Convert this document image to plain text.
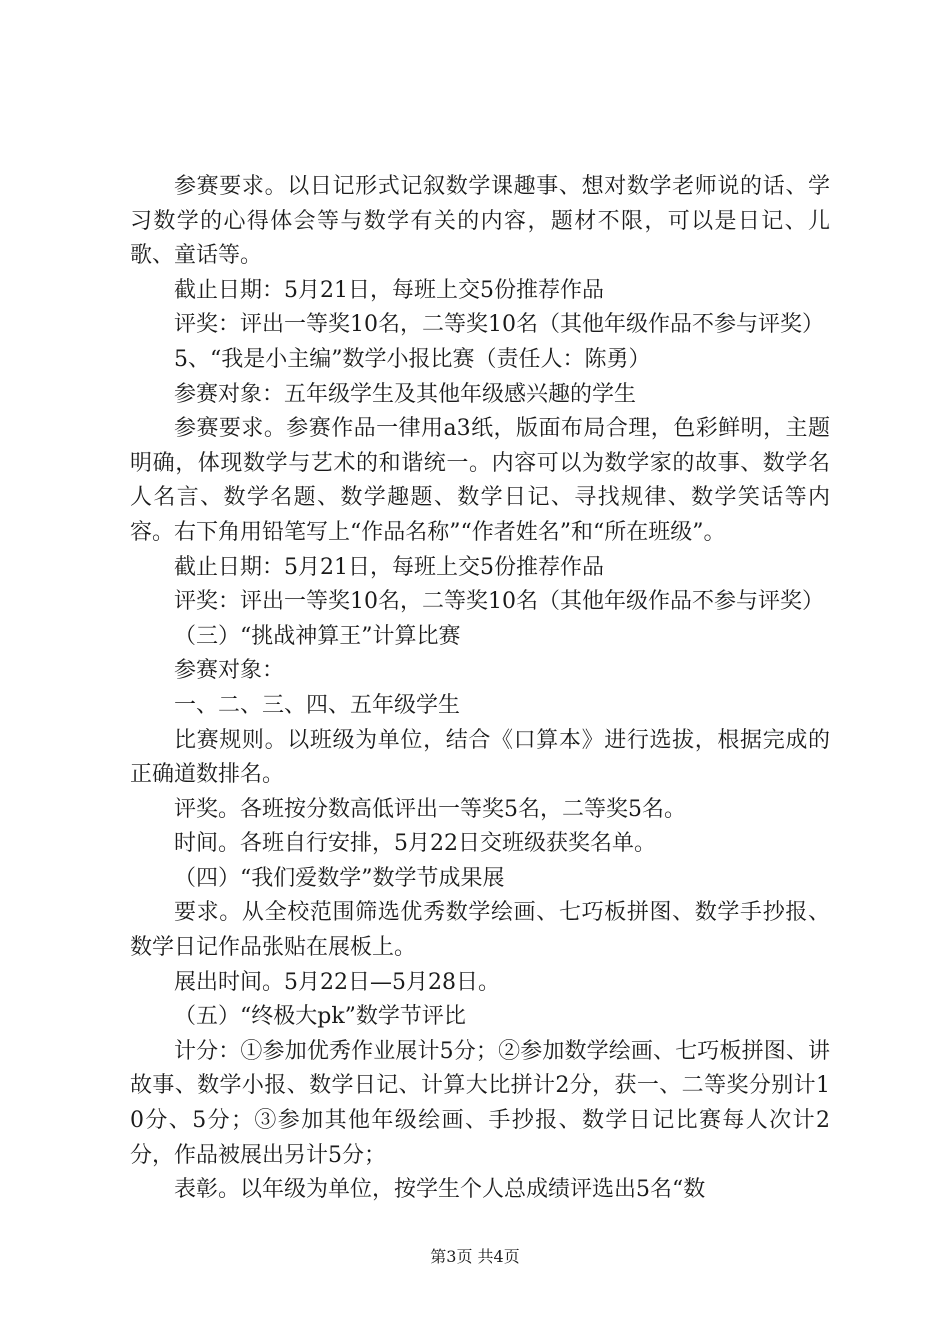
参赛要求。以日记形式记叙数学课趣事、想对数学老师说的话、学习数学的心得体会等与数学有关的内容，题材不限，可以是日记、儿歌、童话等。

截止日期：5月21日，每班上交5份推荐作品

评奖：评出一等奖10名，二等奖10名（其他年级作品不参与评奖）

5、“我是小主编”数学小报比赛（责任人：陈勇）

参赛对象：五年级学生及其他年级感兴趣的学生

参赛要求。参赛作品一律用a3纸，版面布局合理，色彩鲜明，主题明确，体现数学与艺术的和谐统一。内容可以为数学家的故事、数学名人名言、数学名题、数学趣题、数学日记、寻找规律、数学笑话等内容。右下角用铅笔写上“作品名称”“作者姓名”和“所在班级”。

截止日期：5月21日，每班上交5份推荐作品

评奖：评出一等奖10名，二等奖10名（其他年级作品不参与评奖）

（三）“挑战神算王”计算比赛

参赛对象：

一、二、三、四、五年级学生

比赛规则。以班级为单位，结合《口算本》进行选拔，根据完成的正确道数排名。

评奖。各班按分数高低评出一等奖5名，二等奖5名。

时间。各班自行安排，5月22日交班级获奖名单。

（四）“我们爱数学”数学节成果展

要求。从全校范围筛选优秀数学绘画、七巧板拼图、数学手抄报、数学日记作品张贴在展板上。

展出时间。5月22日—5月28日。

（五）“终极大pk”数学节评比

计分：①参加优秀作业展计5分；②参加数学绘画、七巧板拼图、讲故事、数学小报、数学日记、计算大比拼计2分，获一、二等奖分别计10分、5分；③参加其他年级绘画、手抄报、数学日记比赛每人次计2分，作品被展出另计5分；

表彰。以年级为单位，按学生个人总成绩评选出5名“数

第3页 共4页
